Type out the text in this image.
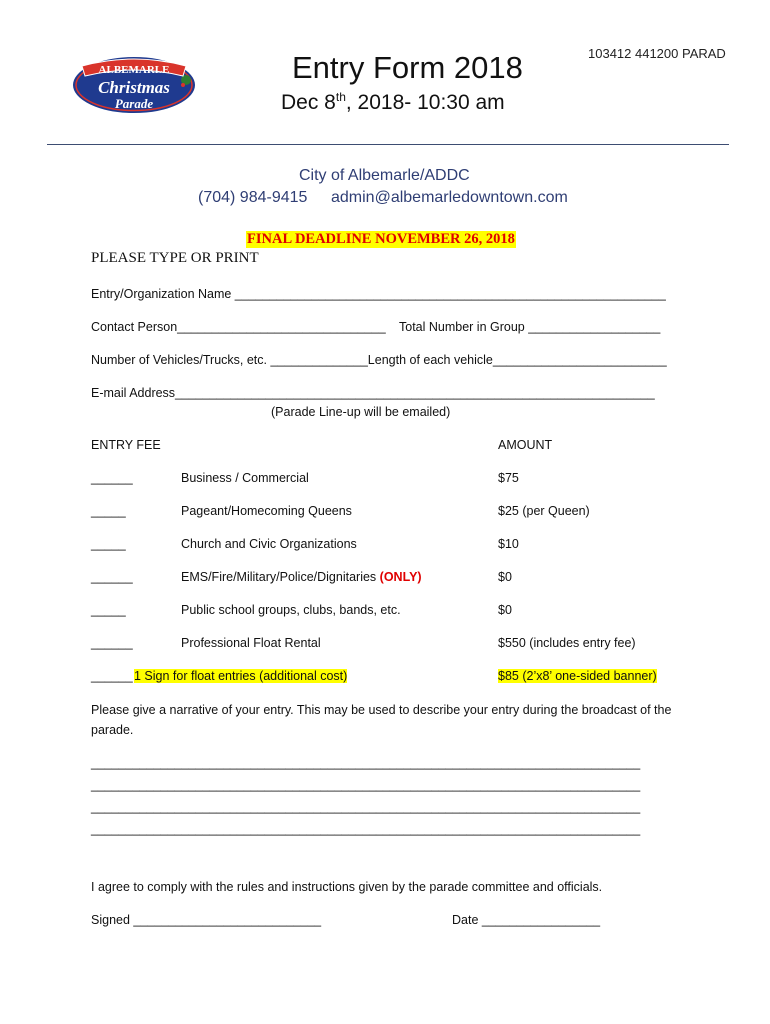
ALBEMARLE
Christmas
Parade
103412 441200 PARAD
Entry Form 2018
Dec 8th, 2018- 10:30 am
City of Albemarle/ADDC
(704) 984-9415 admin@albemarledowntown.com
FINAL DEADLINE NOVEMBER 26, 2018
PLEASE TYPE OR PRINT
Entry/Organization Name ______________________________________________________________
Contact Person______________________________ Total Number in Group ___________________
Number of Vehicles/Trucks, etc. ______________Length of each vehicle_________________________
E-mail Address_____________________________________________________________________
(Parade Line-up will be emailed)
ENTRY FEE	AMOUNT
______	Business / Commercial	$75
_____	Pageant/Homecoming Queens	$25 (per Queen)
_____	Church and Civic Organizations	$10
______	EMS/Fire/Military/Police/Dignitaries (ONLY)	$0
_____	Public school groups, clubs, bands, etc.	$0
______	Professional Float Rental	$550 (includes entry fee)
______ 1 Sign for float entries (additional cost)	$85 (2’x8’ one-sided banner)
Please give a narrative of your entry. This may be used to describe your entry during the broadcast of the parade.
_______________________________________________________________________________
_______________________________________________________________________________
_______________________________________________________________________________
_______________________________________________________________________________
I agree to comply with the rules and instructions given by the parade committee and officials.
Signed ___________________________	Date _________________
